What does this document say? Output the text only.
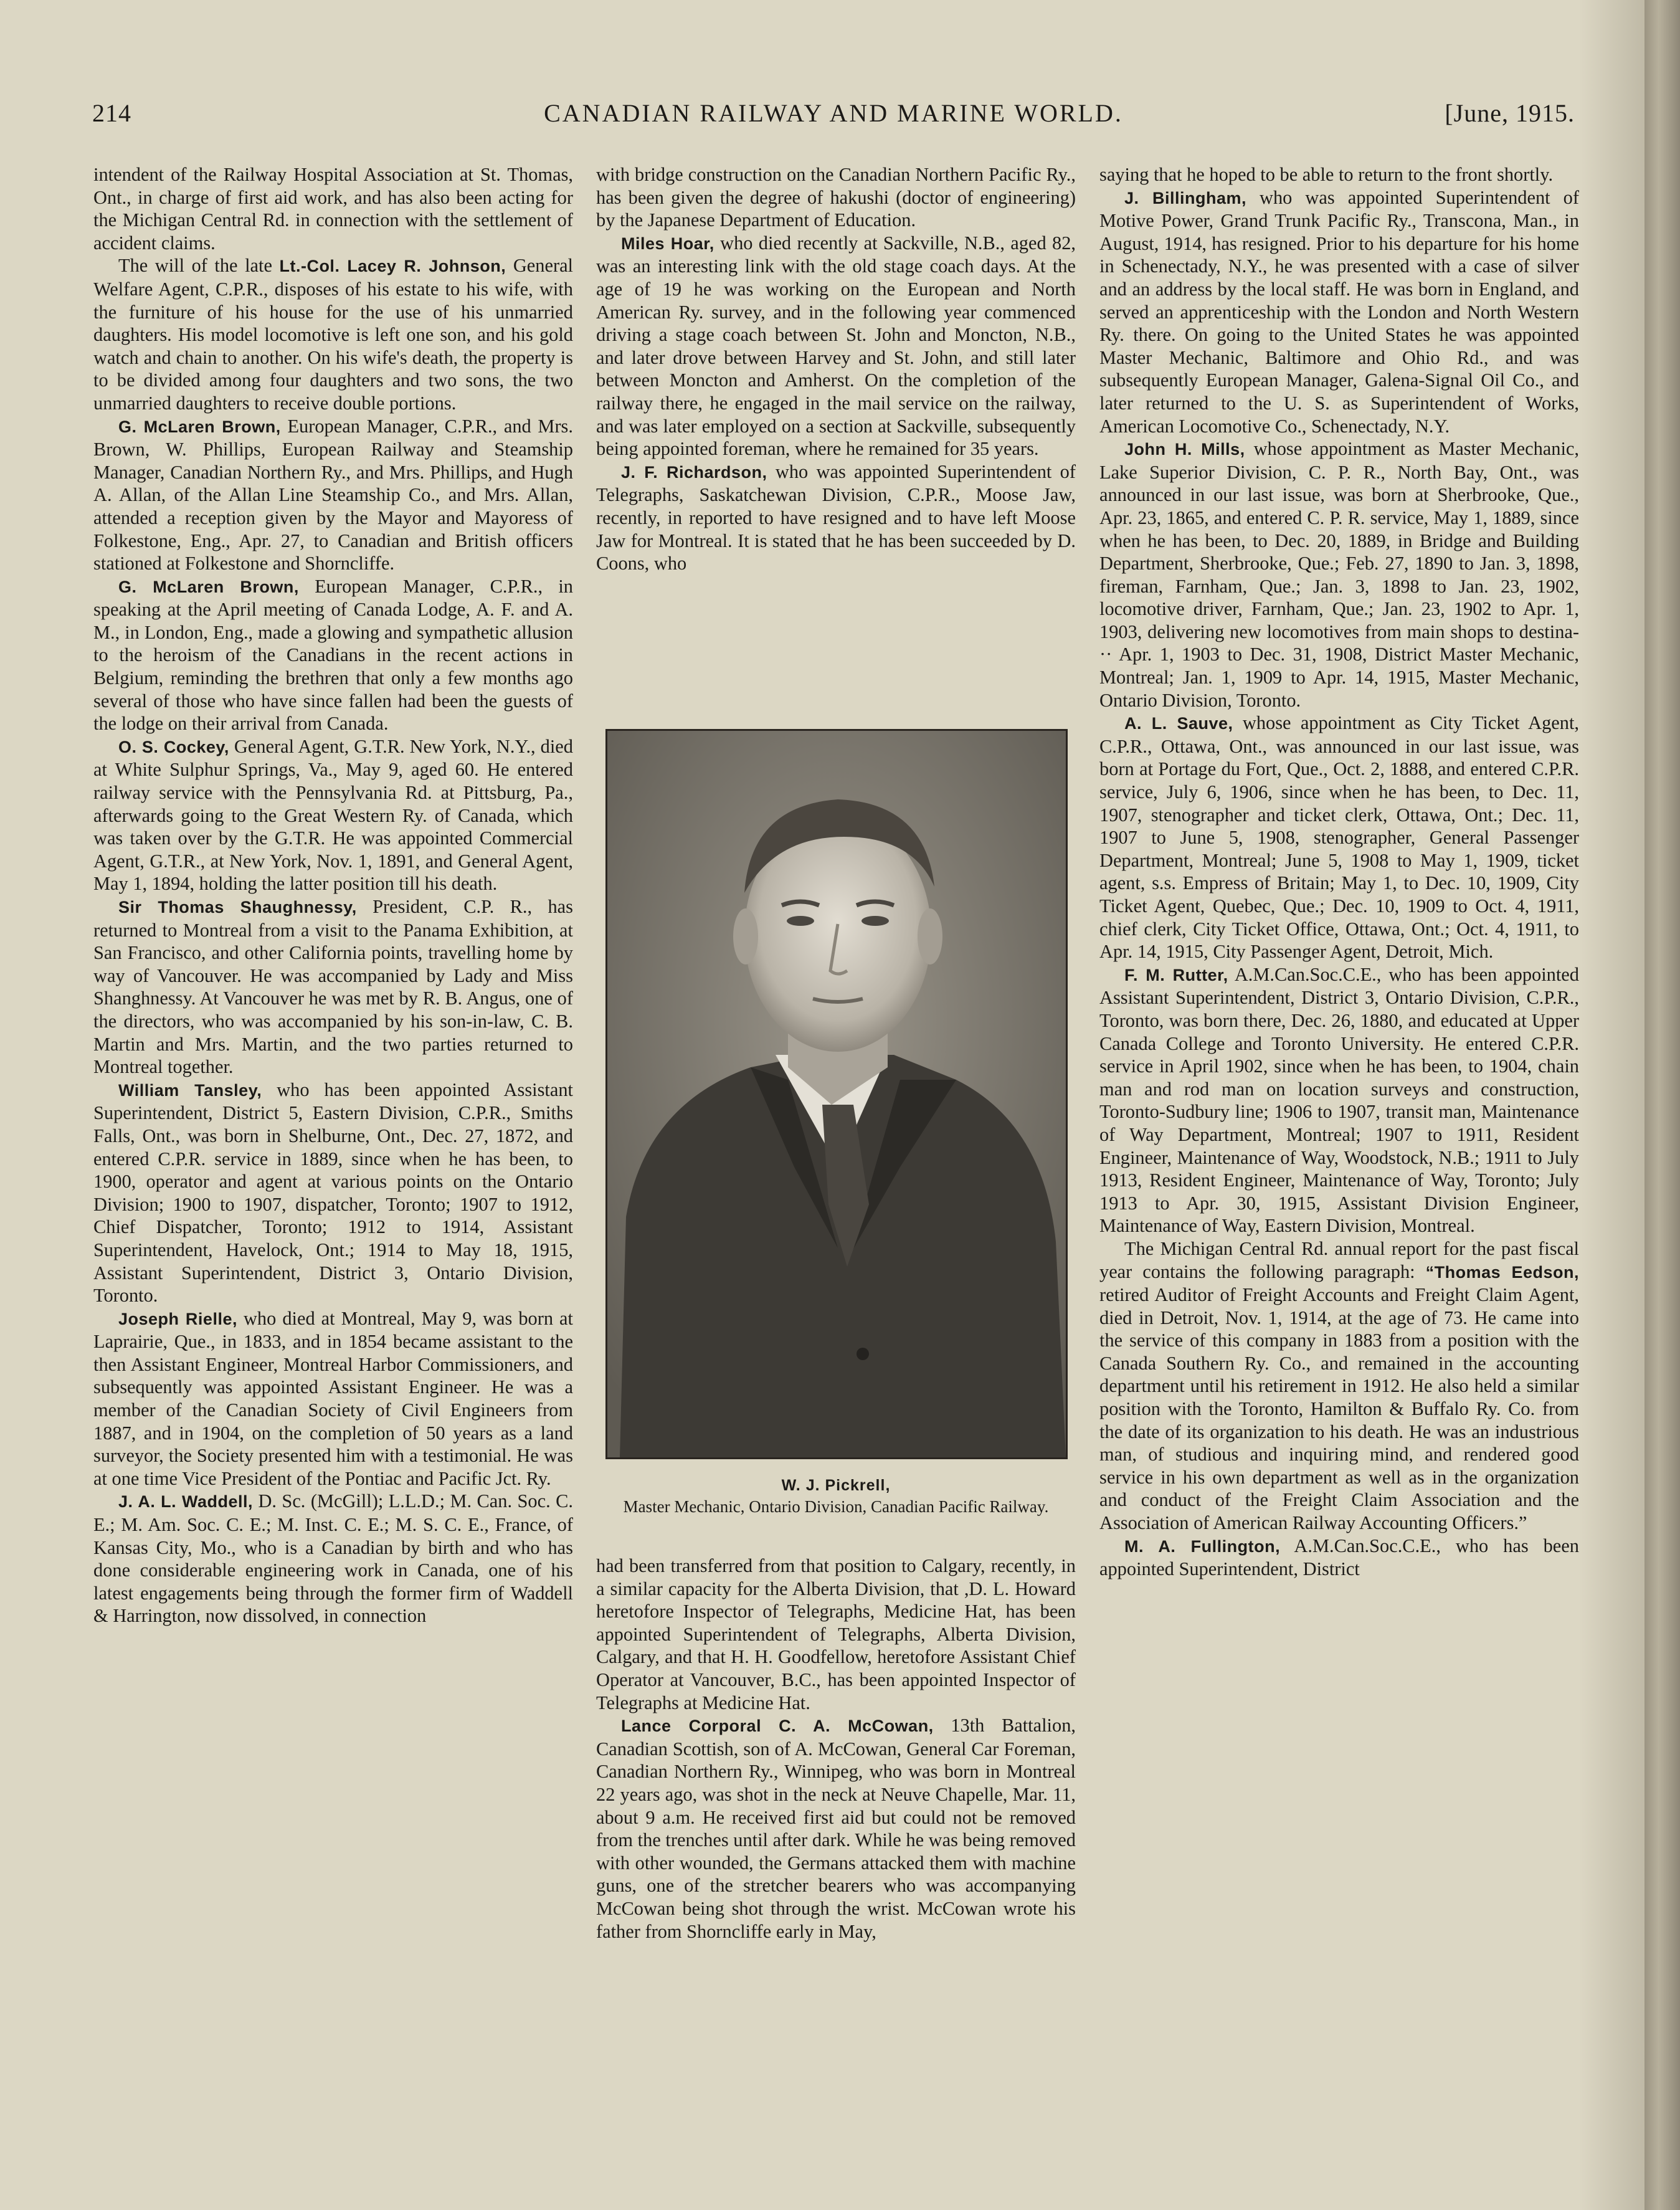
214	CANADIAN RAILWAY AND MARINE WORLD.	[June, 1915.

intendent of the Railway Hospital Association at St. Thomas, Ont., in charge of first aid work, and has also been acting for the Michigan Central Rd. in connection with the settlement of accident claims.

The will of the late Lt.-Col. Lacey R. Johnson, General Welfare Agent, C.P.R., disposes of his estate to his wife, with the furniture of his house for the use of his unmarried daughters. His model locomotive is left one son, and his gold watch and chain to another. On his wife's death, the property is to be divided among four daughters and two sons, the two unmarried daughters to receive double portions.

G. McLaren Brown, European Manager, C.P.R., and Mrs. Brown, W. Phillips, European Railway and Steamship Manager, Canadian Northern Ry., and Mrs. Phillips, and Hugh A. Allan, of the Allan Line Steamship Co., and Mrs. Allan, attended a reception given by the Mayor and Mayoress of Folkestone, Eng., Apr. 27, to Canadian and British officers stationed at Folkestone and Shorncliffe.

G. McLaren Brown, European Manager, C.P.R., in speaking at the April meeting of Canada Lodge, A. F. and A. M., in London, Eng., made a glowing and sympathetic allusion to the heroism of the Canadians in the recent actions in Belgium, reminding the brethren that only a few months ago several of those who have since fallen had been the guests of the lodge on their arrival from Canada.

O. S. Cockey, General Agent, G.T.R. New York, N.Y., died at White Sulphur Springs, Va., May 9, aged 60. He entered railway service with the Pennsylvania Rd. at Pittsburg, Pa., afterwards going to the Great Western Ry. of Canada, which was taken over by the G.T.R. He was appointed Commercial Agent, G.T.R., at New York, Nov. 1, 1891, and General Agent, May 1, 1894, holding the latter position till his death.

Sir Thomas Shaughnessy, President, C.P. R., has returned to Montreal from a visit to the Panama Exhibition, at San Francisco, and other California points, travelling home by way of Vancouver. He was accompanied by Lady and Miss Shanghnessy. At Vancouver he was met by R. B. Angus, one of the directors, who was accompanied by his son-in-law, C. B. Martin and Mrs. Martin, and the two parties returned to Montreal together.

William Tansley, who has been appointed Assistant Superintendent, District 5, Eastern Division, C.P.R., Smiths Falls, Ont., was born in Shelburne, Ont., Dec. 27, 1872, and entered C.P.R. service in 1889, since when he has been, to 1900, operator and agent at various points on the Ontario Division; 1900 to 1907, dispatcher, Toronto; 1907 to 1912, Chief Dispatcher, Toronto; 1912 to 1914, Assistant Superintendent, Havelock, Ont.; 1914 to May 18, 1915, Assistant Superintendent, District 3, Ontario Division, Toronto.

Joseph Rielle, who died at Montreal, May 9, was born at Laprairie, Que., in 1833, and in 1854 became assistant to the then Assistant Engineer, Montreal Harbor Commissioners, and subsequently was appointed Assistant Engineer. He was a member of the Canadian Society of Civil Engineers from 1887, and in 1904, on the completion of 50 years as a land surveyor, the Society presented him with a testimonial. He was at one time Vice President of the Pontiac and Pacific Jct. Ry.

J. A. L. Waddell, D. Sc. (McGill); L.L.D.; M. Can. Soc. C. E.; M. Am. Soc. C. E.; M. Inst. C. E.; M. S. C. E., France, of Kansas City, Mo., who is a Canadian by birth and who has done considerable engineering work in Canada, one of his latest engagements being through the former firm of Waddell & Harrington, now dissolved, in connection

with bridge construction on the Canadian Northern Pacific Ry., has been given the degree of hakushi (doctor of engineering) by the Japanese Department of Education.

Miles Hoar, who died recently at Sackville, N.B., aged 82, was an interesting link with the old stage coach days. At the age of 19 he was working on the European and North American Ry. survey, and in the following year commenced driving a stage coach between St. John and Moncton, N.B., and later drove between Harvey and St. John, and still later between Moncton and Amherst. On the completion of the railway there, he engaged in the mail service on the railway, and was later employed on a section at Sackville, subsequently being appointed foreman, where he remained for 35 years.

J. F. Richardson, who was appointed Superintendent of Telegraphs, Saskatchewan Division, C.P.R., Moose Jaw, recently, in reported to have resigned and to have left Moose Jaw for Montreal. It is stated that he has been succeeded by D. Coons, who

W. J. Pickrell,
Master Mechanic, Ontario Division, Canadian Pacific Railway.

had been transferred from that position to Calgary, recently, in a similar capacity for the Alberta Division, that ,D. L. Howard heretofore Inspector of Telegraphs, Medicine Hat, has been appointed Superintendent of Telegraphs, Alberta Division, Calgary, and that H. H. Goodfellow, heretofore Assistant Chief Operator at Vancouver, B.C., has been appointed Inspector of Telegraphs at Medicine Hat.

Lance Corporal C. A. McCowan, 13th Battalion, Canadian Scottish, son of A. McCowan, General Car Foreman, Canadian Northern Ry., Winnipeg, who was born in Montreal 22 years ago, was shot in the neck at Neuve Chapelle, Mar. 11, about 9 a.m. He received first aid but could not be removed from the trenches until after dark. While he was being removed with other wounded, the Germans attacked them with machine guns, one of the stretcher bearers who was accompanying McCowan being shot through the wrist. McCowan wrote his father from Shorncliffe early in May,

saying that he hoped to be able to return to the front shortly.

J. Billingham, who was appointed Superintendent of Motive Power, Grand Trunk Pacific Ry., Transcona, Man., in August, 1914, has resigned. Prior to his departure for his home in Schenectady, N.Y., he was presented with a case of silver and an address by the local staff. He was born in England, and served an apprenticeship with the London and North Western Ry. there. On going to the United States he was appointed Master Mechanic, Baltimore and Ohio Rd., and was subsequently European Manager, Galena-Signal Oil Co., and later returned to the U. S. as Superintendent of Works, American Locomotive Co., Schenectady, N.Y.

John H. Mills, whose appointment as Master Mechanic, Lake Superior Division, C. P. R., North Bay, Ont., was announced in our last issue, was born at Sherbrooke, Que., Apr. 23, 1865, and entered C. P. R. service, May 1, 1889, since when he has been, to Dec. 20, 1889, in Bridge and Building Department, Sherbrooke, Que.; Feb. 27, 1890 to Jan. 3, 1898, fireman, Farnham, Que.; Jan. 3, 1898 to Jan. 23, 1902, locomotive driver, Farnham, Que.; Jan. 23, 1902 to Apr. 1, 1903, delivering new locomotives from main shops to destina- ·· Apr. 1, 1903 to Dec. 31, 1908, District Master Mechanic, Montreal; Jan. 1, 1909 to Apr. 14, 1915, Master Mechanic, Ontario Division, Toronto.

A. L. Sauve, whose appointment as City Ticket Agent, C.P.R., Ottawa, Ont., was announced in our last issue, was born at Portage du Fort, Que., Oct. 2, 1888, and entered C.P.R. service, July 6, 1906, since when he has been, to Dec. 11, 1907, stenographer and ticket clerk, Ottawa, Ont.; Dec. 11, 1907 to June 5, 1908, stenographer, General Passenger Department, Montreal; June 5, 1908 to May 1, 1909, ticket agent, s.s. Empress of Britain; May 1, to Dec. 10, 1909, City Ticket Agent, Quebec, Que.; Dec. 10, 1909 to Oct. 4, 1911, chief clerk, City Ticket Office, Ottawa, Ont.; Oct. 4, 1911, to Apr. 14, 1915, City Passenger Agent, Detroit, Mich.

F. M. Rutter, A.M.Can.Soc.C.E., who has been appointed Assistant Superintendent, District 3, Ontario Division, C.P.R., Toronto, was born there, Dec. 26, 1880, and educated at Upper Canada College and Toronto University. He entered C.P.R. service in April 1902, since when he has been, to 1904, chain man and rod man on location surveys and construction, Toronto-Sudbury line; 1906 to 1907, transit man, Maintenance of Way Department, Montreal; 1907 to 1911, Resident Engineer, Maintenance of Way, Woodstock, N.B.; 1911 to July 1913, Resident Engineer, Maintenance of Way, Toronto; July 1913 to Apr. 30, 1915, Assistant Division Engineer, Maintenance of Way, Eastern Division, Montreal.

The Michigan Central Rd. annual report for the past fiscal year contains the following paragraph: “Thomas Eedson, retired Auditor of Freight Accounts and Freight Claim Agent, died in Detroit, Nov. 1, 1914, at the age of 73. He came into the service of this company in 1883 from a position with the Canada Southern Ry. Co., and remained in the accounting department until his retirement in 1912. He also held a similar position with the Toronto, Hamilton & Buffalo Ry. Co. from the date of its organization to his death. He was an industrious man, of studious and inquiring mind, and rendered good service in his own department as well as in the organization and conduct of the Freight Claim Association and the Association of American Railway Accounting Officers.”

M. A. Fullington, A.M.Can.Soc.C.E., who has been appointed Superintendent, District
